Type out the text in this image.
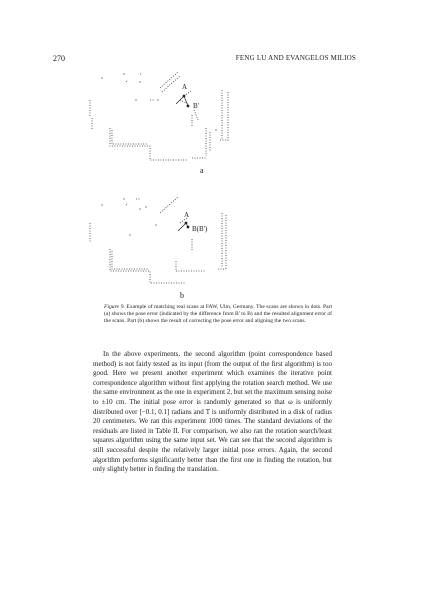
270	FENG LU AND EVANGELOS MILIOS
A
B'
a
A
B(B')
b
Figure 9. Example of matching real scans at FAW, Ulm, Germany. The scans are shown in dots. Part (a) shows the pose error (indicated by the difference from B' to B) and the resulted alignment error of the scans. Part (b) shows the result of correcting the pose error and aligning the two scans.

In the above experiments, the second algorithm (point correspondence based method) is not fairly tested as its input (from the output of the first algorithm) is too good. Here we present another experiment which examines the iterative point correspondence algorithm without first applying the rotation search method. We use the same environment as the one in experiment 2, but set the maximum sensing noise to ±10 cm. The initial pose error is randomly generated so that ω is uniformly distributed over [−0.1, 0.1] radians and T is uniformly distributed in a disk of radius 20 centimeters. We ran this experiment 1000 times. The standard deviations of the residuals are listed in Table II. For comparison, we also ran the rotation search/least squares algorithm using the same input set. We can see that the second algorithm is still successful despite the relatively larger initial pose errors. Again, the second algorithm performs significantly better than the first one in finding the rotation, but only slightly better in finding the translation.
